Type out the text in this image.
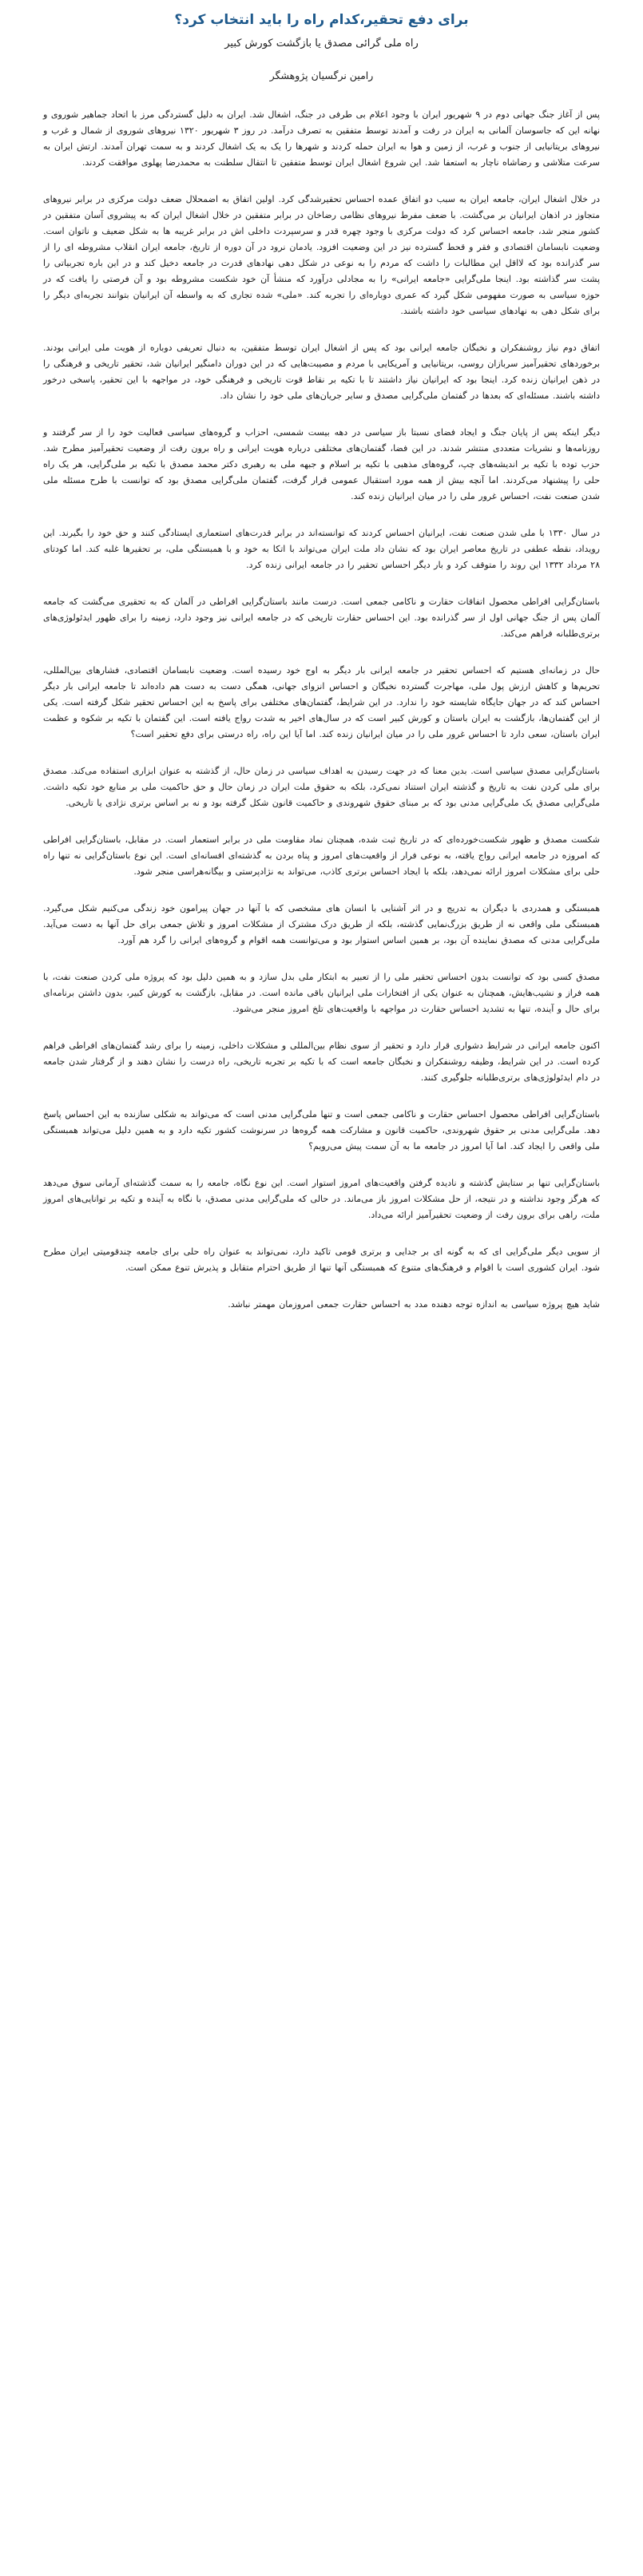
برای دفع تحقیر،کدام راه را باید انتخاب کرد؟
راه ملی گرائی مصدق یا بازگشت کورش کبیر
رامین نرگسیان پژوهشگر

پس از آغاز جنگ جهانی دوم در ۹ شهریور ایران با وجود اعلام بی طرفی در جنگ، اشغال شد. ایران به دلیل گستردگی مرز با اتحاد جماهیر شوروی و نهانه این که جاسوسان آلمانی به ایران در رفت و آمدند توسط متفقین به تصرف درآمد. در روز ۳ شهریور ۱۳۲۰ نیروهای شوروی از شمال و غرب و نیروهای بریتانیایی از جنوب و غرب، از زمین و هوا به ایران حمله کردند و شهرها را یک به یک اشغال کردند و به سمت تهران آمدند. ارتش ایران به سرعت متلاشی و رضاشاه ناچار به استعفا شد. این شروع اشغال ایران توسط متفقین تا انتقال سلطنت به محمدرضا پهلوی موافقت کردند.

در خلال اشغال ایران، جامعه ایران به سبب دو اتفاق عمده احساس تحقیرشدگی کرد. اولین اتفاق به اضمحلال ضعف دولت مرکزی در برابر نیروهای متجاوز در اذهان ایرانیان بر می‌گشت. با ضعف مفرط نیروهای نظامی رضاخان در برابر متفقین در خلال اشغال ایران که به پیشروی آسان متفقین در کشور منجر شد، جامعه احساس کرد که دولت مرکزی با وجود چهره قدر و سرسپردت داخلی اش در برابر غریبه ها به شکل ضعیف و ناتوان است. وضعیت نابسامان اقتصادی و فقر و قحط گسترده نیز در این وضعیت افزود. یادمان نرود در آن دوره از تاریخ، جامعه ایران انقلاب مشروطه ای را از سر گذرانده بود که لااقل این مطالبات را داشت که مردم را به نوعی در شکل دهی نهادهای قدرت در جامعه دخیل کند و در این باره تجربیاتی را پشت سر گذاشته بود. اینجا ملی‌گرایی «جامعه ایرانی» را به مجادلی درآورد که منشأ آن خود شکست مشروطه بود و آن فرصتی را یافت که در حوزه سیاسی به صورت مفهومی شکل گیرد که عمری دوباره‌ای را تجربه کند. «ملی» شده تجاری که به واسطه آن ایرانیان بتوانند تجربه‌ای دیگر را برای شکل دهی به نهادهای سیاسی خود داشته باشند.

اتفاق دوم نیاز روشنفکران و نخبگان جامعه ایرانی بود که پس از اشغال ایران توسط متفقین، به دنبال تعریفی دوباره از هویت ملی ایرانی بودند. برخوردهای تحقیرآمیز سربازان روسی، بریتانیایی و آمریکایی با مردم و مصیبت‌هایی که در این دوران دامنگیر ایرانیان شد، تحقیر تاریخی و فرهنگی را در ذهن ایرانیان زنده کرد. اینجا بود که ایرانیان نیاز داشتند تا با تکیه بر نقاط قوت تاریخی و فرهنگی خود، در مواجهه با این تحقیر، پاسخی درخور داشته باشند. مسئله‌ای که بعدها در گفتمان ملی‌گرایی مصدق و سایر جریان‌های ملی خود را نشان داد.

دیگر اینکه پس از پایان جنگ و ایجاد فضای نسبتا باز سیاسی در دهه بیست شمسی، احزاب و گروه‌های سیاسی فعالیت خود را از سر گرفتند و روزنامه‌ها و نشریات متعددی منتشر شدند. در این فضا، گفتمان‌های مختلفی درباره هویت ایرانی و راه برون رفت از وضعیت تحقیرآمیز مطرح شد. حزب توده با تکیه بر اندیشه‌های چپ، گروه‌های مذهبی با تکیه بر اسلام و جبهه ملی به رهبری دکتر محمد مصدق با تکیه بر ملی‌گرایی، هر یک راه حلی را پیشنهاد می‌کردند. اما آنچه بیش از همه مورد استقبال عمومی قرار گرفت، گفتمان ملی‌گرایی مصدق بود که توانست با طرح مسئله ملی شدن صنعت نفت، احساس غرور ملی را در میان ایرانیان زنده کند.

در سال ۱۳۳۰ با ملی شدن صنعت نفت، ایرانیان احساس کردند که توانسته‌اند در برابر قدرت‌های استعماری ایستادگی کنند و حق خود را بگیرند. این رویداد، نقطه عطفی در تاریخ معاصر ایران بود که نشان داد ملت ایران می‌تواند با اتکا به خود و با همبستگی ملی، بر تحقیرها غلبه کند. اما کودتای ۲۸ مرداد ۱۳۳۲ این روند را متوقف کرد و بار دیگر احساس تحقیر را در جامعه ایرانی زنده کرد.

باستان‌گرایی افراطی محصول اتفاقات حقارت و ناکامی جمعی است. درست مانند باستان‌گرایی افراطی در آلمان که به تحقیری می‌گشت که جامعه آلمان پس از جنگ جهانی اول از سر گذرانده بود. این احساس حقارت تاریخی که در جامعه ایرانی نیز وجود دارد، زمینه را برای ظهور ایدئولوژی‌های برتری‌طلبانه فراهم می‌کند.

حال در زمانه‌ای هستیم که احساس تحقیر در جامعه ایرانی بار دیگر به اوج خود رسیده است. وضعیت نابسامان اقتصادی، فشارهای بین‌المللی، تحریم‌ها و کاهش ارزش پول ملی، مهاجرت گسترده نخبگان و احساس انزوای جهانی، همگی دست به دست هم داده‌اند تا جامعه ایرانی بار دیگر احساس کند که در جهان جایگاه شایسته خود را ندارد. در این شرایط، گفتمان‌های مختلفی برای پاسخ به این احساس تحقیر شکل گرفته است. یکی از این گفتمان‌ها، بازگشت به ایران باستان و کورش کبیر است که در سال‌های اخیر به شدت رواج یافته است. این گفتمان با تکیه بر شکوه و عظمت ایران باستان، سعی دارد تا احساس غرور ملی را در میان ایرانیان زنده کند. اما آیا این راه، راه درستی برای دفع تحقیر است؟

باستان‌گرایی مصدق سیاسی است. بدین معنا که در جهت رسیدن به اهداف سیاسی در زمان حال، از گذشته به عنوان ابزاری استفاده می‌کند. مصدق برای ملی کردن نفت به تاریخ و گذشته ایران استناد نمی‌کرد، بلکه به حقوق ملت ایران در زمان حال و حق حاکمیت ملی بر منابع خود تکیه داشت. ملی‌گرایی مصدق یک ملی‌گرایی مدنی بود که بر مبنای حقوق شهروندی و حاکمیت قانون شکل گرفته بود و نه بر اساس برتری نژادی یا تاریخی.

شکست مصدق و ظهور شکست‌خورده‌ای که در تاریخ ثبت شده، همچنان نماد مقاومت ملی در برابر استعمار است. در مقابل، باستان‌گرایی افراطی که امروزه در جامعه ایرانی رواج یافته، به نوعی فرار از واقعیت‌های امروز و پناه بردن به گذشته‌ای افسانه‌ای است. این نوع باستان‌گرایی نه تنها راه حلی برای مشکلات امروز ارائه نمی‌دهد، بلکه با ایجاد احساس برتری کاذب، می‌تواند به نژادپرستی و بیگانه‌هراسی منجر شود.

همبستگی و همدردی با دیگران به تدریج و در اثر آشنایی با انسان های مشخصی که با آنها در جهان پیرامون خود زندگی می‌کنیم شکل می‌گیرد. همبستگی ملی واقعی نه از طریق بزرگ‌نمایی گذشته، بلکه از طریق درک مشترک از مشکلات امروز و تلاش جمعی برای حل آنها به دست می‌آید. ملی‌گرایی مدنی که مصدق نماینده آن بود، بر همین اساس استوار بود و می‌توانست همه اقوام و گروه‌های ایرانی را گرد هم آورد.

مصدق کسی بود که توانست بدون احساس تحقیر ملی را از تعبیر به ابتکار ملی بدل سازد و به همین دلیل بود که پروژه ملی کردن صنعت نفت، با همه فراز و نشیب‌هایش، همچنان به عنوان یکی از افتخارات ملی ایرانیان باقی مانده است. در مقابل، بازگشت به کورش کبیر، بدون داشتن برنامه‌ای برای حال و آینده، تنها به تشدید احساس حقارت در مواجهه با واقعیت‌های تلخ امروز منجر می‌شود.

اکنون جامعه ایرانی در شرایط دشواری قرار دارد و تحقیر از سوی نظام بین‌المللی و مشکلات داخلی، زمینه را برای رشد گفتمان‌های افراطی فراهم کرده است. در این شرایط، وظیفه روشنفکران و نخبگان جامعه است که با تکیه بر تجربه تاریخی، راه درست را نشان دهند و از گرفتار شدن جامعه در دام ایدئولوژی‌های برتری‌طلبانه جلوگیری کنند.

باستان‌گرایی افراطی محصول احساس حقارت و ناکامی جمعی است و تنها ملی‌گرایی مدنی است که می‌تواند به شکلی سازنده به این احساس پاسخ دهد. ملی‌گرایی مدنی بر حقوق شهروندی، حاکمیت قانون و مشارکت همه گروه‌ها در سرنوشت کشور تکیه دارد و به همین دلیل می‌تواند همبستگی ملی واقعی را ایجاد کند. اما آیا امروز در جامعه ما به آن سمت پیش می‌رویم؟

باستان‌گرایی تنها بر ستایش گذشته و نادیده گرفتن واقعیت‌های امروز استوار است. این نوع نگاه، جامعه را به سمت گذشته‌ای آرمانی سوق می‌دهد که هرگز وجود نداشته و در نتیجه، از حل مشکلات امروز باز می‌ماند. در حالی که ملی‌گرایی مدنی مصدق، با نگاه به آینده و تکیه بر توانایی‌های امروز ملت، راهی برای برون رفت از وضعیت تحقیرآمیز ارائه می‌داد.

از سویی دیگر ملی‌گرایی ای که به گونه ای بر جدایی و برتری قومی تاکید دارد، نمی‌تواند به عنوان راه حلی برای جامعه چندقومیتی ایران مطرح شود. ایران کشوری است با اقوام و فرهنگ‌های متنوع که همبستگی آنها تنها از طریق احترام متقابل و پذیرش تنوع ممکن است.

شاید هیچ پروژه سیاسی به اندازه توجه دهنده مدد به احساس حقارت جمعی امروزمان مهمتر نباشد.
